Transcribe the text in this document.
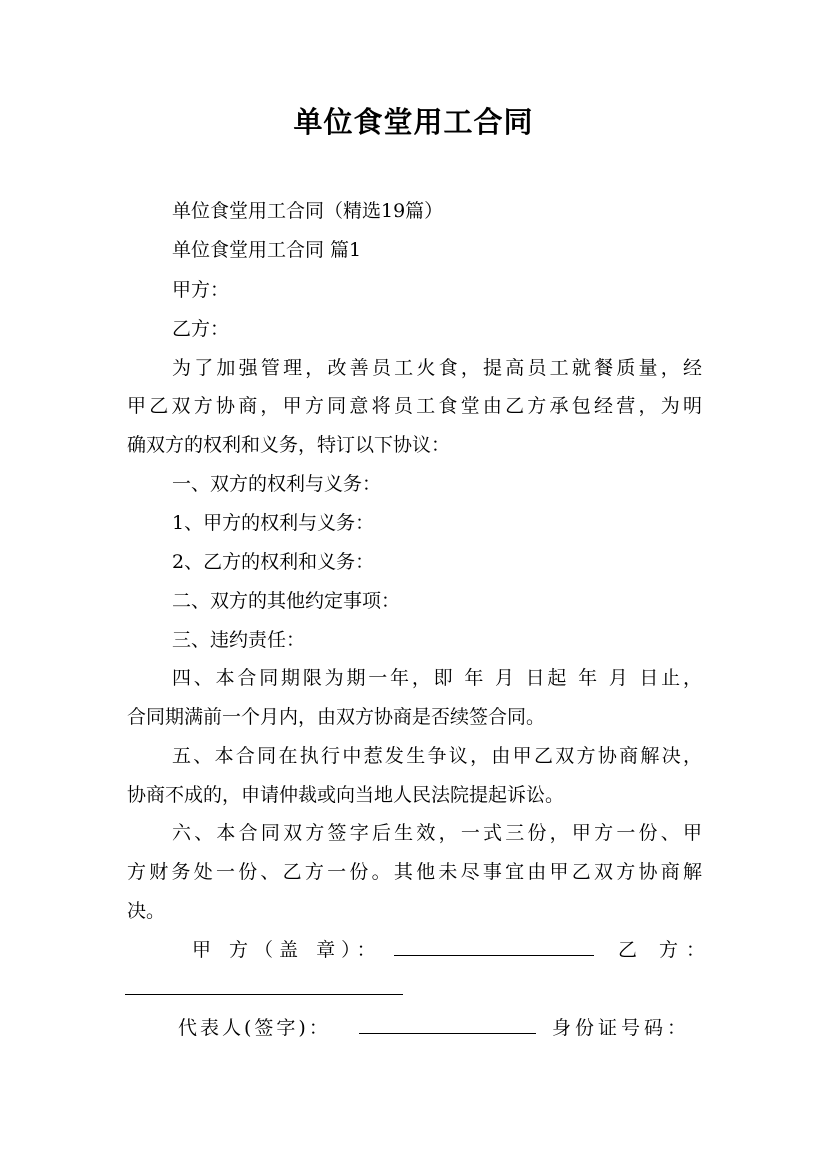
单位食堂用工合同
单位食堂用工合同（精选19篇）
单位食堂用工合同 篇1
甲方：
乙方：
为了加强管理，改善员工火食，提高员工就餐质量，经
甲乙双方协商，甲方同意将员工食堂由乙方承包经营，为明
确双方的权利和义务，特订以下协议：
一、双方的权利与义务：
1、甲方的权利与义务：
2、乙方的权利和义务：
二、双方的其他约定事项：
三、违约责任：
四、本合同期限为期一年，即 年 月 日起 年 月 日止，
合同期满前一个月内，由双方协商是否续签合同。
五、本合同在执行中惹发生争议，由甲乙双方协商解决，
协商不成的，申请仲裁或向当地人民法院提起诉讼。
六、本合同双方签字后生效，一式三份，甲方一份、甲
方财务处一份、乙方一份。其他未尽事宜由甲乙双方协商解
决。
甲 方（盖 章）：	乙 方：
代表人(签字)：	身份证号码：
